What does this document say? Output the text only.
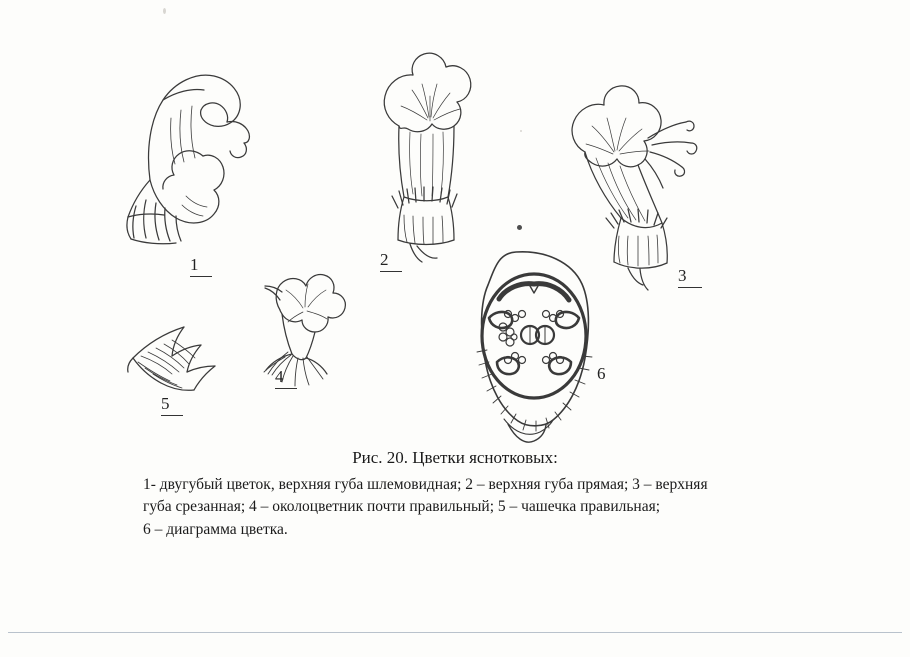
1	2
3
4
5
6
Рис. 20. Цветки яснотковых:
1- двугубый цветок, верхняя губа шлемовидная; 2 – верхняя губа прямая; 3 – верхняя
губа срезанная; 4 – околоцветник почти правильный; 5 – чашечка правильная;
6 – диаграмма цветка.
